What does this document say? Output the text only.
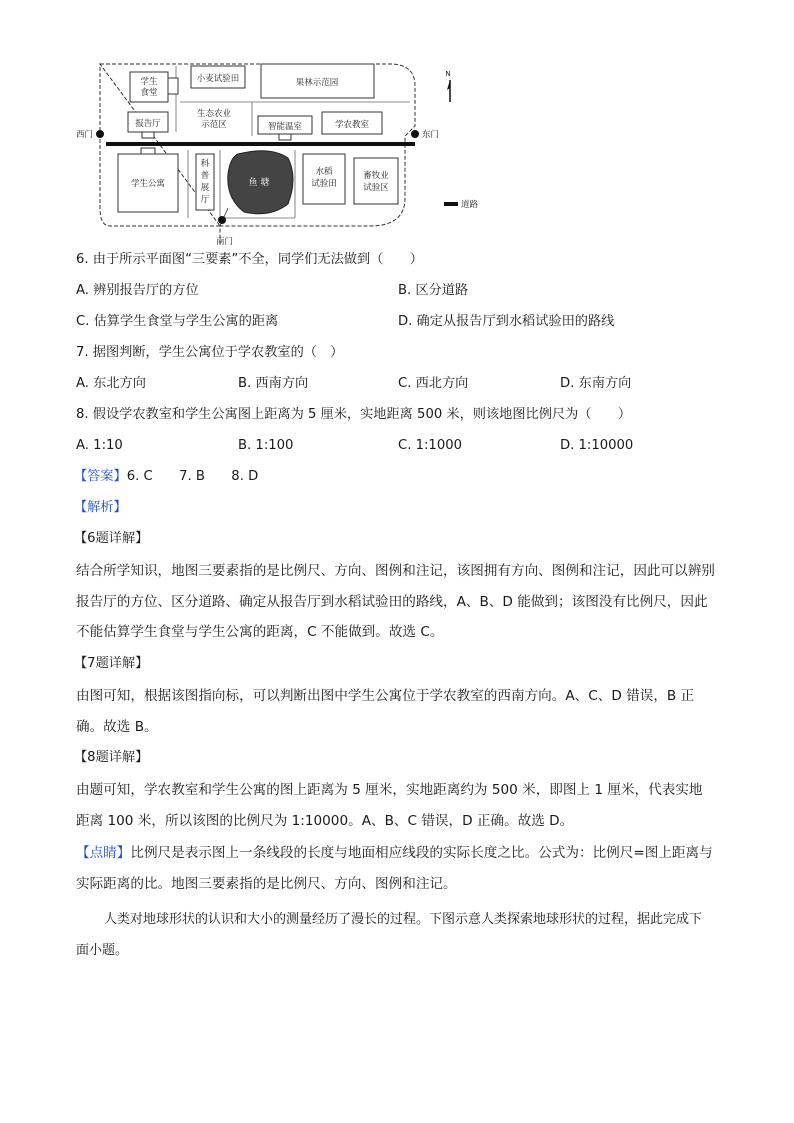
学生食堂
小麦试验田	果林示范园
生态农业示范区
报告厅	智能温室	学农教室
学生公寓
科普展厅
鱼 塘
水稻试验田
畜牧业试验区
西门	东门
南门
N
道路
6. 由于所示平面图“三要素”不全，同学们无法做到（　　）
A. 辨别报告厅的方位	B. 区分道路
C. 估算学生食堂与学生公寓的距离	D. 确定从报告厅到水稻试验田的路线
7. 据图判断，学生公寓位于学农教室的（　）
A. 东北方向	B. 西南方向	C. 西北方向	D. 东南方向
8. 假设学农教室和学生公寓图上距离为 5 厘米，实地距离 500 米，则该地图比例尺为（　　）
A. 1:10	B. 1:100	C. 1:1000	D. 1:10000
【答案】6. C　　7. B　　8. D
【解析】
【6题详解】
结合所学知识，地图三要素指的是比例尺、方向、图例和注记，该图拥有方向、图例和注记，因此可以辨别报告厅的方位、区分道路、确定从报告厅到水稻试验田的路线，A、B、D 能做到；该图没有比例尺，因此不能估算学生食堂与学生公寓的距离，C 不能做到。故选 C。
【7题详解】
由图可知，根据该图指向标，可以判断出图中学生公寓位于学农教室的西南方向。A、C、D 错误，B 正确。故选 B。
【8题详解】
由题可知，学农教室和学生公寓的图上距离为 5 厘米，实地距离约为 500 米，即图上 1 厘米，代表实地距离 100 米，所以该图的比例尺为 1:10000。A、B、C 错误，D 正确。故选 D。
【点睛】比例尺是表示图上一条线段的长度与地面相应线段的实际长度之比。公式为：比例尺=图上距离与实际距离的比。地图三要素指的是比例尺、方向、图例和注记。
人类对地球形状的认识和大小的测量经历了漫长的过程。下图示意人类探索地球形状的过程，据此完成下面小题。
